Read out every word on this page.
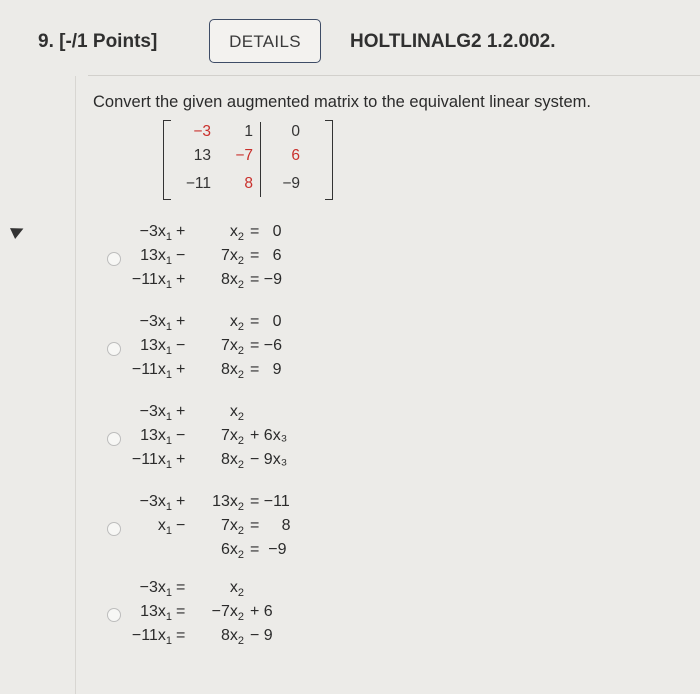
9. [-/1 Points]	DETAILS	HOLTLINALG2 1.2.002.
Convert the given augmented matrix to the equivalent linear system.
−3	1	0
13	−7	6
−11	8	−9
$-3x_1$ +	$x_2 = 0$
$13x_1$ −	$7x_2 = 6$
$-11x_1$ +	$8x_2 = -9$
$-3x_1$ +	$x_2 = 0$
$13x_1$ −	$7x_2 = -6$
$-11x_1$ +	$8x_2 = 9$
$-3x_1$ +	$x_2$
$13x_1$ −	$7x_2 + 6x_3$
$-11x_1$ +	$8x_2 - 9x_3$
$-3x_1$ +	$13x_2 = -11$
$x_1$ −	$7x_2$ =     8
$6x_2 = -9$
$-3x_1$ =	$x_2$
$13x_1$ =	$-7x_2 + 6$
$-11x_1$ =	$8x_2 - 9$
